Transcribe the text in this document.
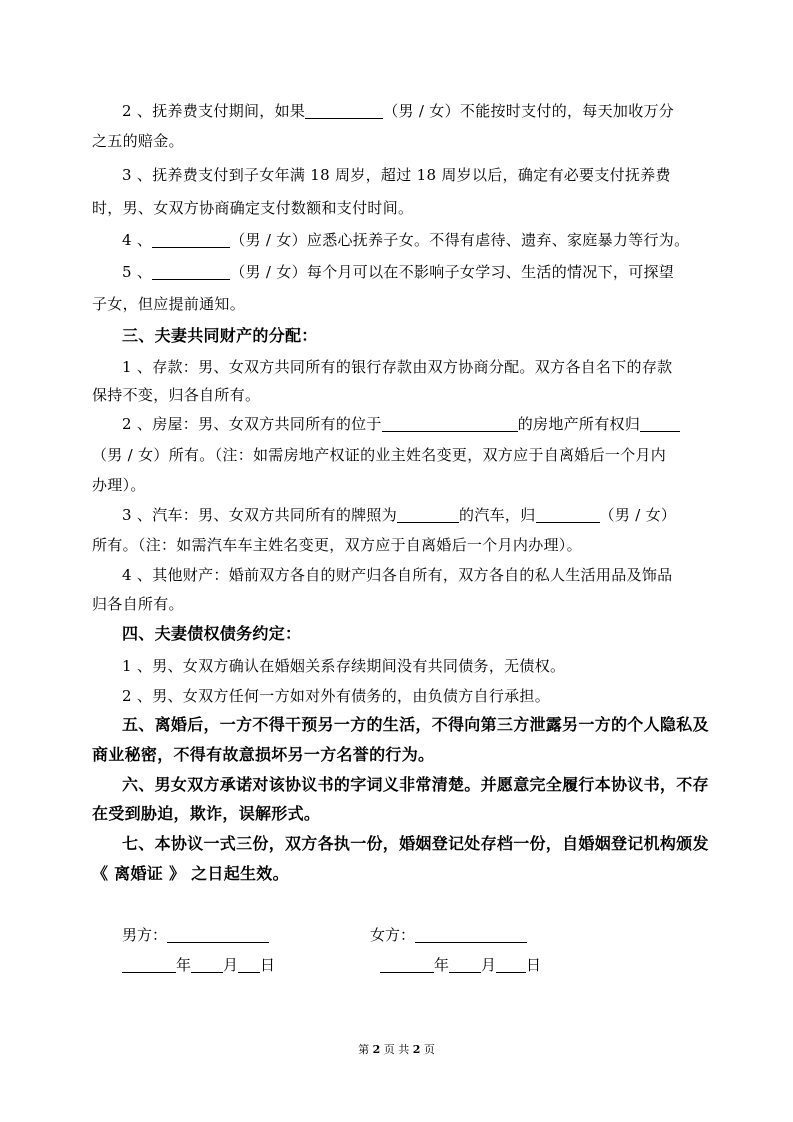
2 、抚养费支付期间，如果	（男 / 女）不能按时支付的，每天加收万分
之五的赔金。
3 、抚养费支付到子女年满 18 周岁，超过 18 周岁以后，确定有必要支付抚养费
时，男、女双方协商确定支付数额和支付时间。
4 、	（男 / 女）应悉心抚养子女。不得有虐待、遗弃、家庭暴力等行为。
5 、	（男 / 女）每个月可以在不影响子女学习、生活的情况下，可探望
子女，但应提前通知。
三、夫妻共同财产的分配：
1 、存款：男、女双方共同所有的银行存款由双方协商分配。双方各自名下的存款
保持不变，归各自所有。
2 、房屋：男、女双方共同所有的位于	的房地产所有权归
（男 / 女）所有。（注：如需房地产权证的业主姓名变更，双方应于自离婚后一个月内
办理）。
3 、汽车：男、女双方共同所有的牌照为	的汽车，归	（男 / 女）
所有。（注：如需汽车车主姓名变更，双方应于自离婚后一个月内办理）。
4 、其他财产：婚前双方各自的财产归各自所有，双方各自的私人生活用品及饰品
归各自所有。
四、夫妻债权债务约定：
1 、男、女双方确认在婚姻关系存续期间没有共同债务，无债权。
2 、男、女双方任何一方如对外有债务的，由负债方自行承担。
五、离婚后，一方不得干预另一方的生活，不得向第三方泄露另一方的个人隐私及
商业秘密，不得有故意损坏另一方名誉的行为。
六、男女双方承诺对该协议书的字词义非常清楚。并愿意完全履行本协议书，不存
在受到胁迫，欺诈，误解形式。
七、本协议一式三份，双方各执一份，婚姻登记处存档一份，自婚姻登记机构颁发
《 离婚证 》 之日起生效。
男方：	女方：
年 月 日	年 月 日
第 2 页 共 2 页
